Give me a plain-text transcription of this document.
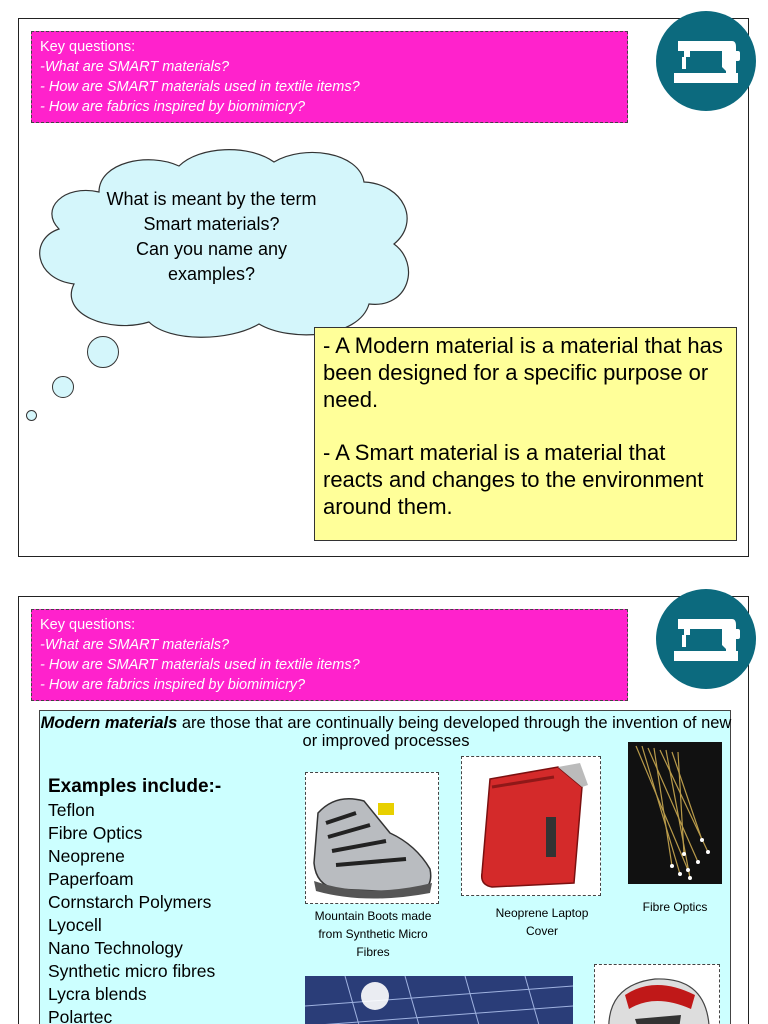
Key questions:
-What are SMART materials?
- How are SMART materials used in textile items?
- How are fabrics inspired by biomimicry?
What is meant by the term
Smart materials?
Can you name any
examples?

- A Modern material is a material that has been designed for a specific purpose or need.

- A Smart material is a material that reacts and changes to the environment around them.

Key questions:
-What are SMART materials?
- How are SMART materials used in textile items?
- How are fabrics inspired by biomimicry?
Modern materials are those that are continually being developed through the invention of new or improved processes
Examples include:-
Teflon
Fibre Optics
Neoprene
Paperfoam
Cornstarch Polymers
Lyocell
Nano Technology
Synthetic micro fibres
Lycra blends
Polartec
Mountain Boots made from Synthetic Micro Fibres
Neoprene Laptop Cover
Fibre Optics
